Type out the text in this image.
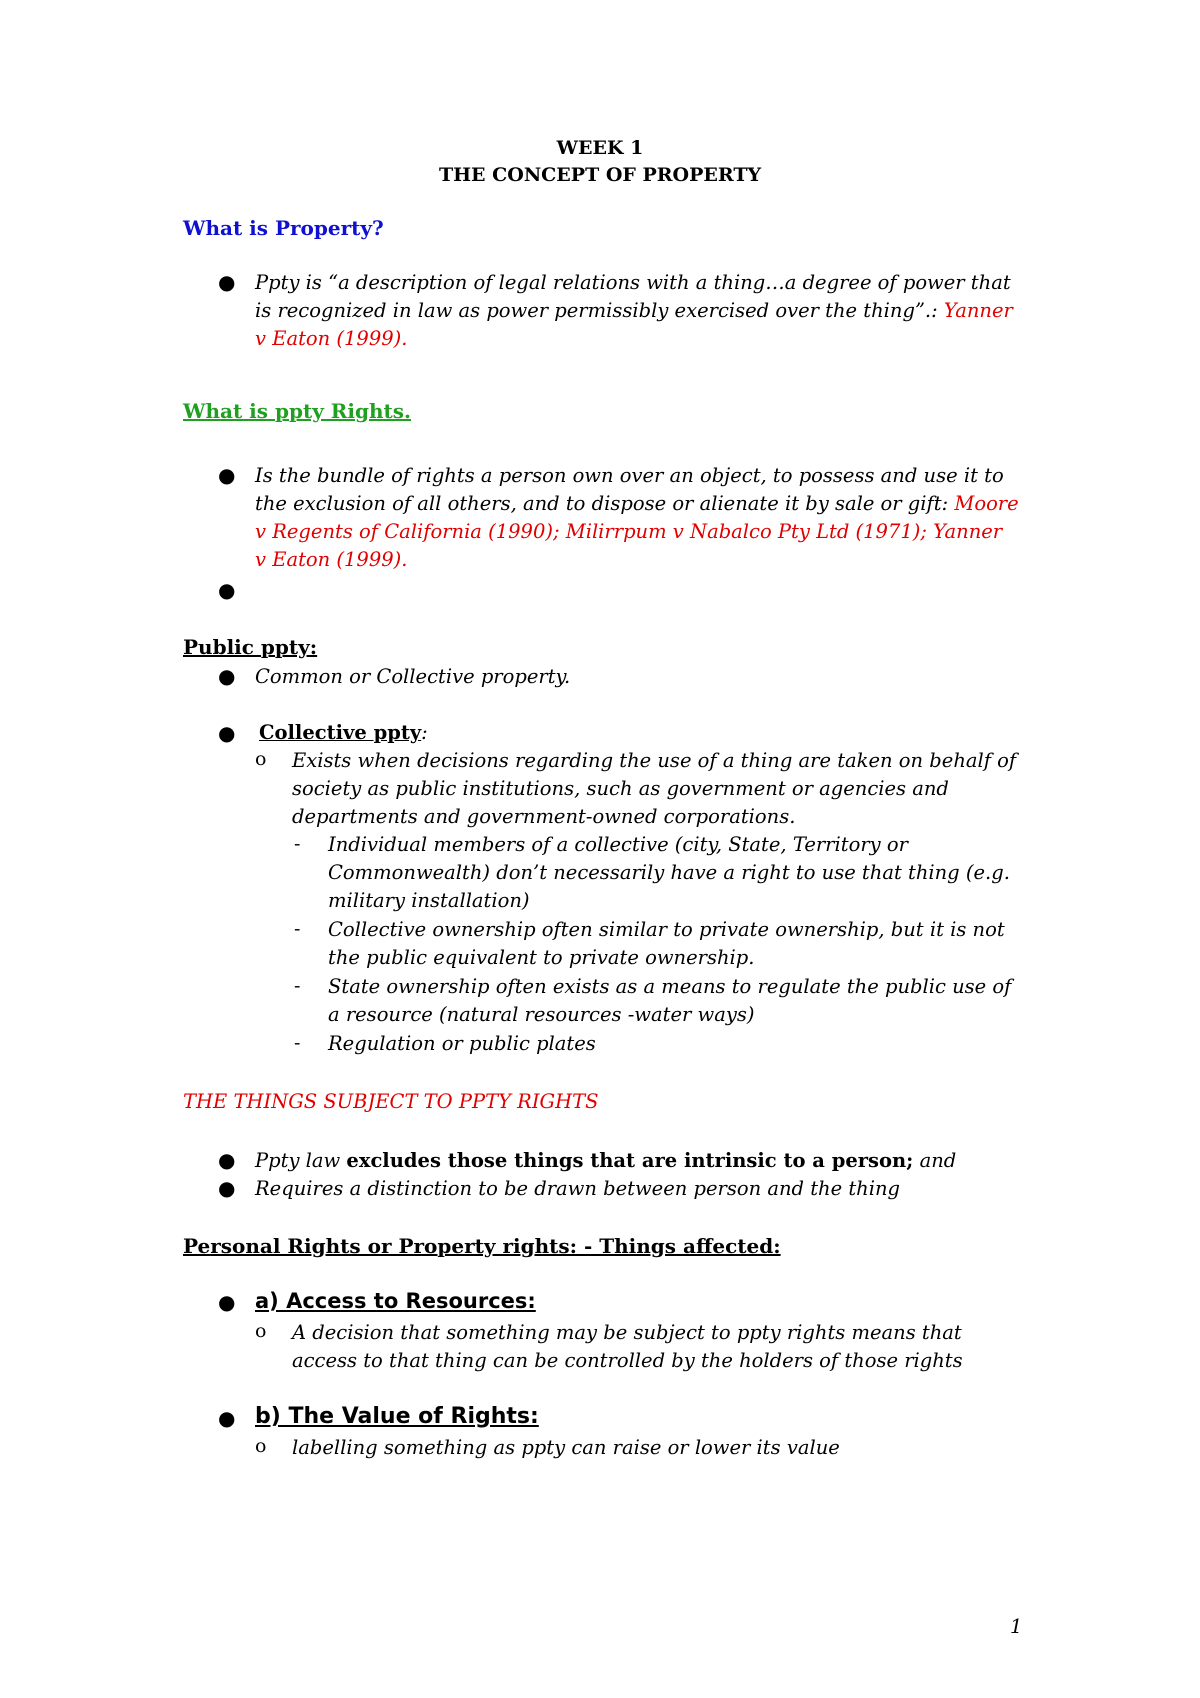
WEEK 1
THE CONCEPT OF PROPERTY
What is Property?
● Ppty is “a description of legal relations with a thing…a degree of power that
is recognized in law as power permissibly exercised over the thing”.: Yanner
v Eaton (1999).
What is ppty Rights.
● Is the bundle of rights a person own over an object, to possess and use it to
the exclusion of all others, and to dispose or alienate it by sale or gift: Moore
v Regents of California (1990); Milirrpum v Nabalco Pty Ltd (1971); Yanner
v Eaton (1999).
●
Public ppty:
● Common or Collective property.
● Collective ppty:
o Exists when decisions regarding the use of a thing are taken on behalf of
society as public institutions, such as government or agencies and
departments and government-owned corporations.
- Individual members of a collective (city, State, Territory or
Commonwealth) don’t necessarily have a right to use that thing (e.g.
military installation)
- Collective ownership often similar to private ownership, but it is not
the public equivalent to private ownership.
- State ownership often exists as a means to regulate the public use of
a resource (natural resources -water ways)
- Regulation or public plates
THE THINGS SUBJECT TO PPTY RIGHTS
● Ppty law excludes those things that are intrinsic to a person; and
● Requires a distinction to be drawn between person and the thing
Personal Rights or Property rights: - Things affected:
● a) Access to Resources:
o A decision that something may be subject to ppty rights means that
access to that thing can be controlled by the holders of those rights
● b) The Value of Rights:
o labelling something as ppty can raise or lower its value
1
